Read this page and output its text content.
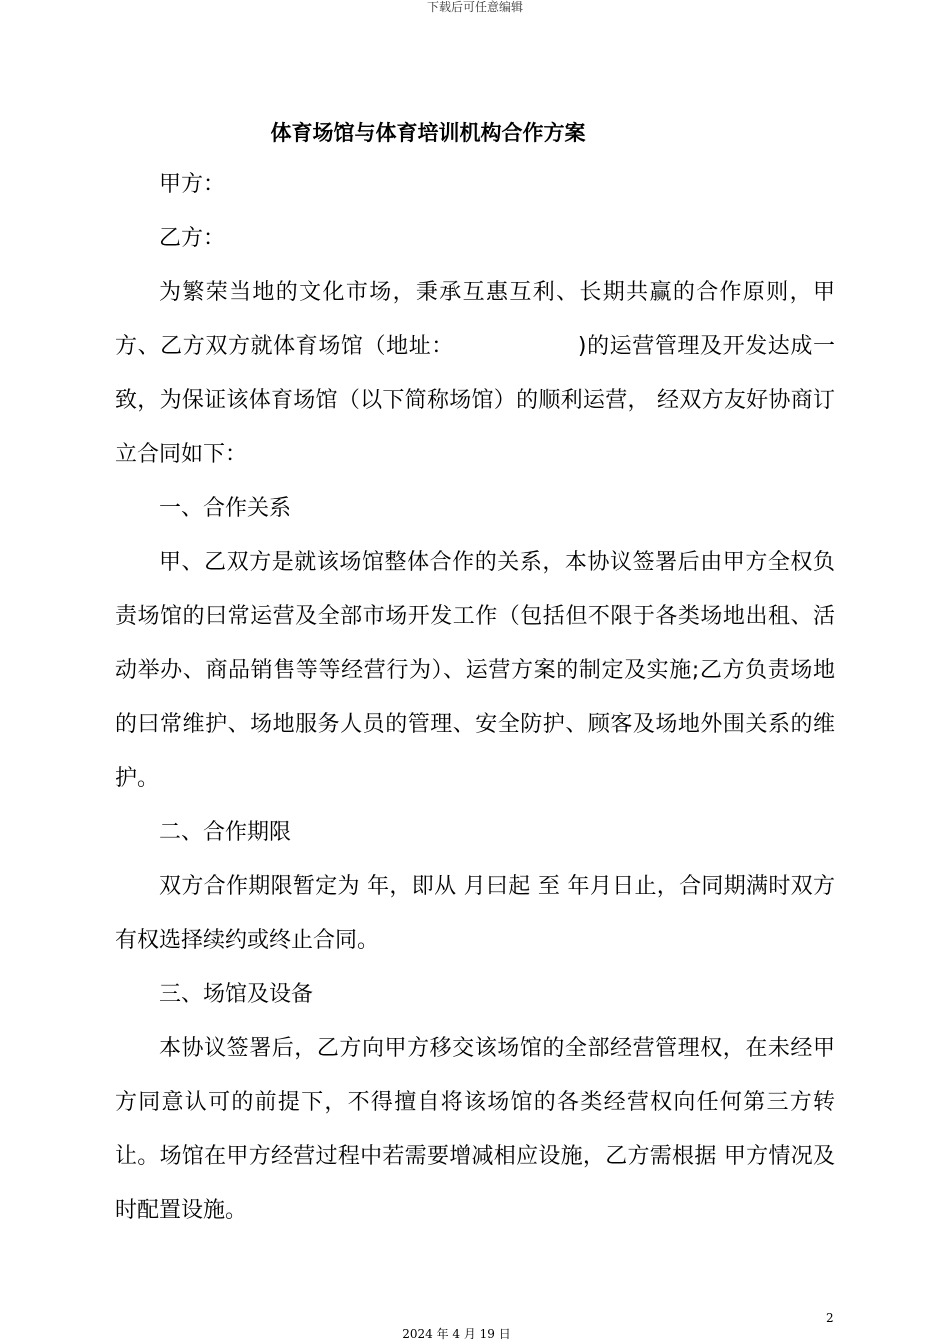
下载后可任意编辑
体育场馆与体育培训机构合作方案

甲方：

乙方：

为繁荣当地的文化市场，秉承互惠互利、长期共赢的合作原则，甲方、乙方双方就体育场馆（地址：	)的运营管理及开发达成一致，为保证该体育场馆（以下简称场馆）的顺利运营， 经双方友好协商订立合同如下：

一、合作关系

甲、乙双方是就该场馆整体合作的关系，本协议签署后由甲方全权负责场馆的曰常运营及全部市场开发工作（包括但不限于各类场地出租、活动举办、商品销售等等经营行为）、运营方案的制定及实施;乙方负责场地的曰常维护、场地服务人员的管理、安全防护、顾客及场地外围关系的维护。

二、合作期限

双方合作期限暂定为 年，即从 月曰起 至 年月日止，合同期满时双方有权选择续约或终止合同。

三、场馆及设备

本协议签署后，乙方向甲方移交该场馆的全部经营管理权，在未经甲方同意认可的前提下，不得擅自将该场馆的各类经营权向任何第三方转让。场馆在甲方经营过程中若需要增减相应设施，乙方需根据 甲方情况及时配置设施。

2
2024 年 4 月 19 日
